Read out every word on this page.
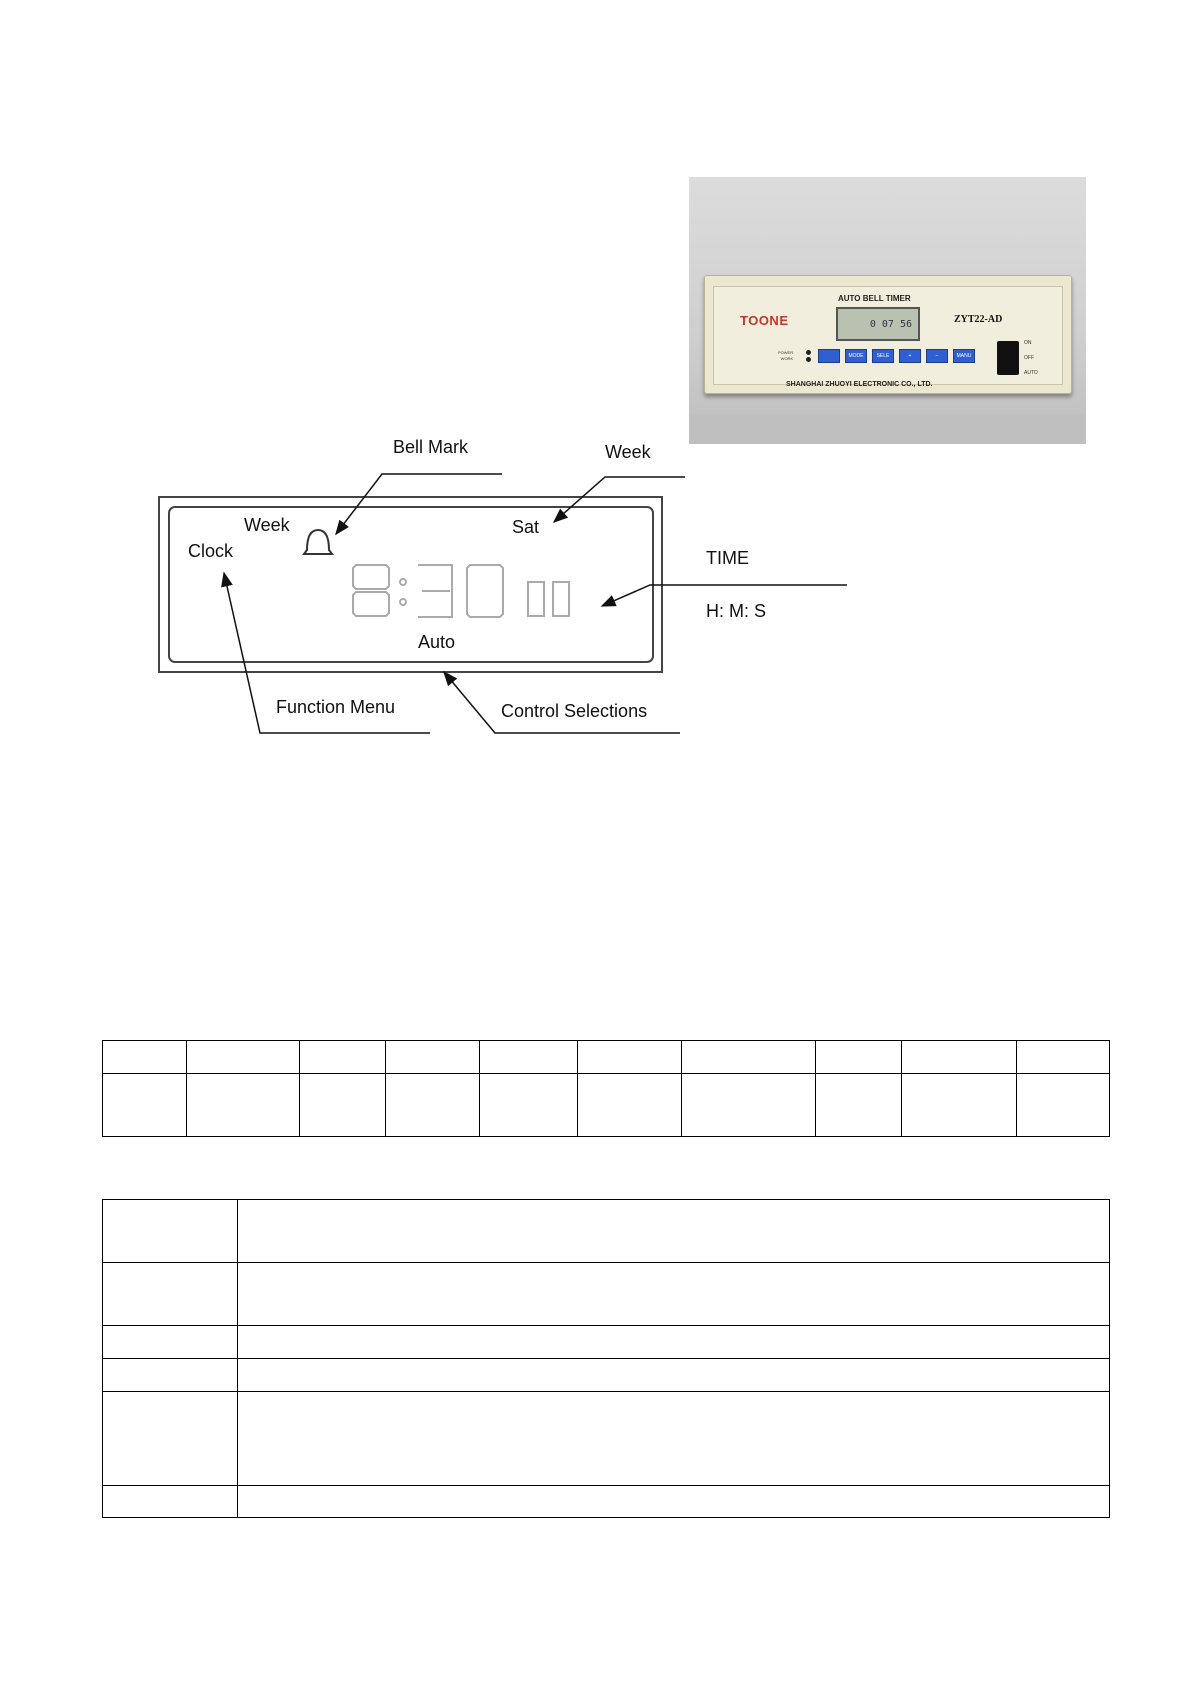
AUTO BELL TIMER
TOONE	0 07 56	ZYT22-AD
POWER
WORK	MODE	SELE	+	−	MANU
ON
OFF
AUTO
SHANGHAI ZHUOYI ELECTRONIC CO., LTD.
Bell Mark	Week
Week	Sat
Clock	TIME
H: M: S
Auto
Function Menu	Control Selections
